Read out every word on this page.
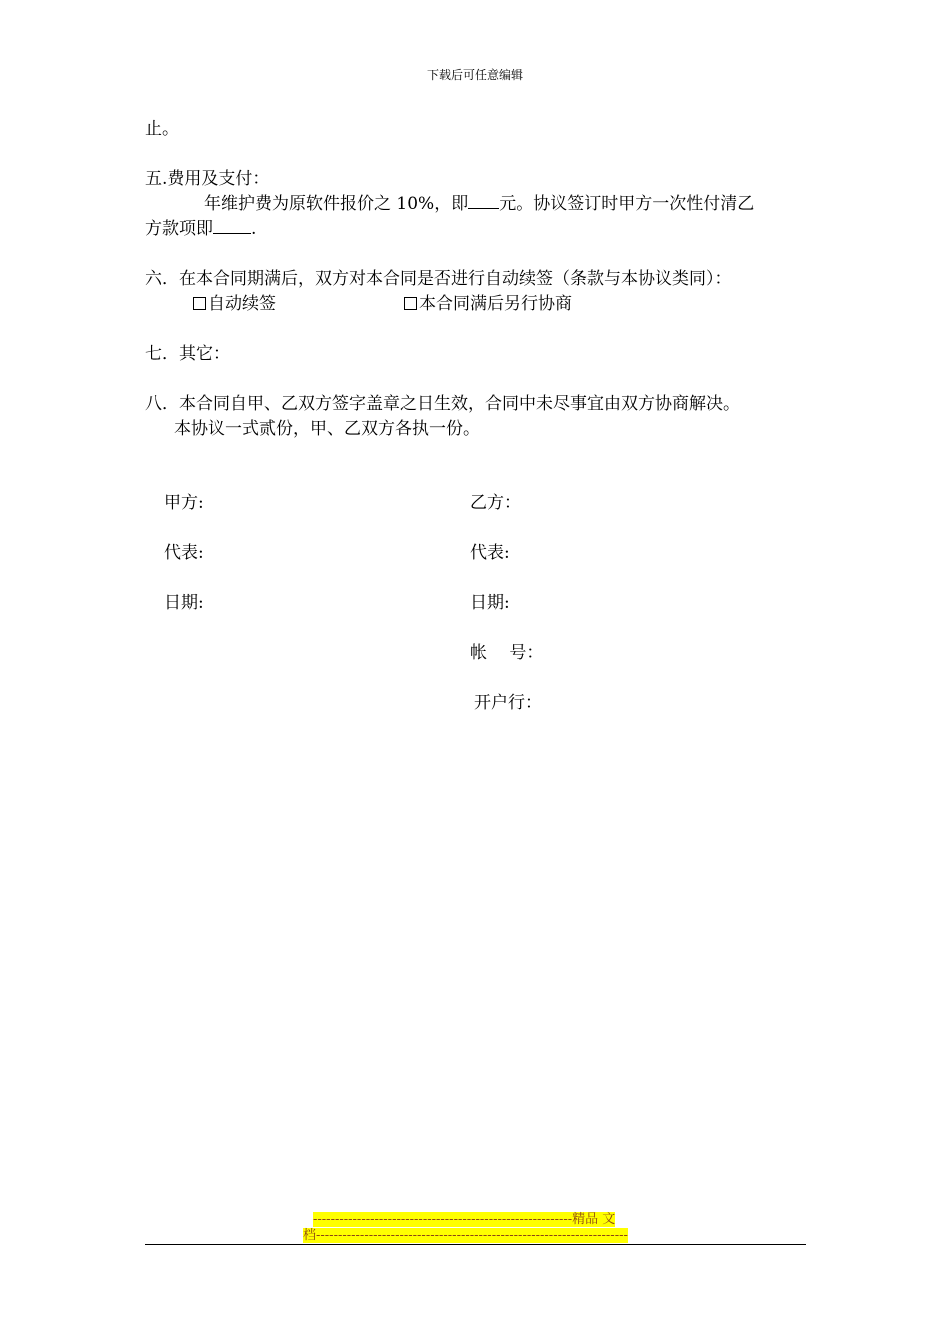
下载后可任意编辑
止。
五.费用及支付：
年维护费为原软件报价之 10%，即 元。协议签订时甲方一次性付清乙
方款项即 .
六．在本合同期满后，双方对本合同是否进行自动续签（条款与本协议类同）：
自动续签	本合同满后另行协商
七．其它：
八．本合同自甲、乙双方签字盖章之日生效，合同中未尽事宜由双方协商解决。
本协议一式贰份，甲、乙双方各执一份。
甲方:	乙方：
代表:	代表:
日期:	日期:
帐　 号：
开户行：
-----------------------------------------------------------精品 文
档-----------------------------------------------------------------------
